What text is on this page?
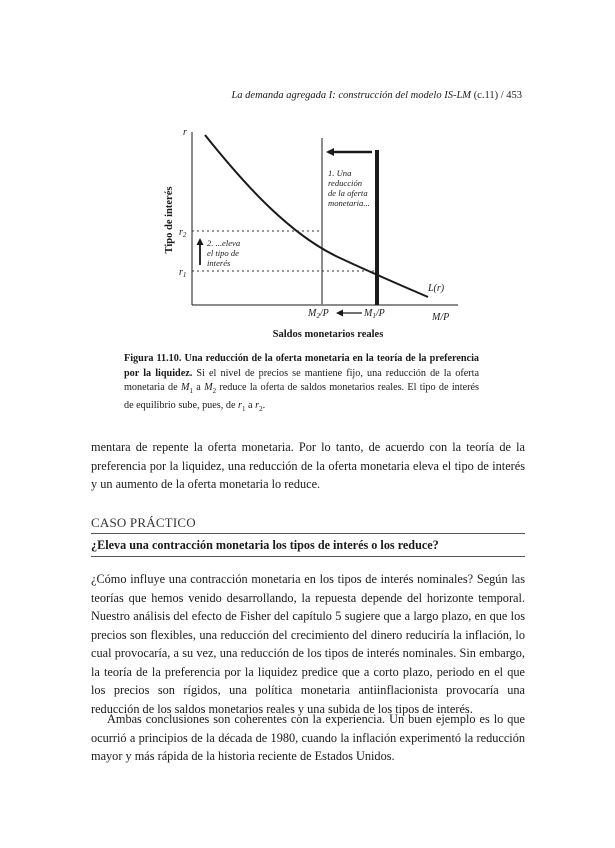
La demanda agregada I: construcción del modelo IS-LM (c.11) / 453
r
M/P
Tipo de interés
Saldos monetarios reales
$r_2$
$r_1$
$M_2/P$	$M_1/P$
L(r)
1. Una reducción de la oferta monetaria...
2. ...eleva el tipo de interés
Figura 11.10. Una reducción de la oferta monetaria en la teoría de la preferencia por la liquidez. Si el nivel de precios se mantiene fijo, una reducción de la oferta monetaria de $M_1$ a $M_2$ reduce la oferta de saldos monetarios reales. El tipo de interés de equilibrio sube, pues, de $r_1$ a $r_2$.
mentara de repente la oferta monetaria. Por lo tanto, de acuerdo con la teoría de la preferencia por la liquidez, una reducción de la oferta monetaria eleva el tipo de interés y un aumento de la oferta monetaria lo reduce.
CASO PRÁCTICO
¿Eleva una contracción monetaria los tipos de interés o los reduce?
¿Cómo influye una contracción monetaria en los tipos de interés nominales? Según las teorías que hemos venido desarrollando, la repuesta depende del horizonte temporal. Nuestro análisis del efecto de Fisher del capítulo 5 sugiere que a largo plazo, en que los precios son flexibles, una reducción del crecimiento del dinero reduciría la inflación, lo cual provocaría, a su vez, una reducción de los tipos de interés nominales. Sin embargo, la teoría de la preferencia por la liquidez predice que a corto plazo, periodo en el que los precios son rígidos, una política monetaria antiinflacionista provocaría una reducción de los saldos monetarios reales y una subida de los tipos de interés.
Ambas conclusiones son coherentes con la experiencia. Un buen ejemplo es lo que ocurrió a principios de la década de 1980, cuando la inflación experimentó la reducción mayor y más rápida de la historia reciente de Estados Unidos.
